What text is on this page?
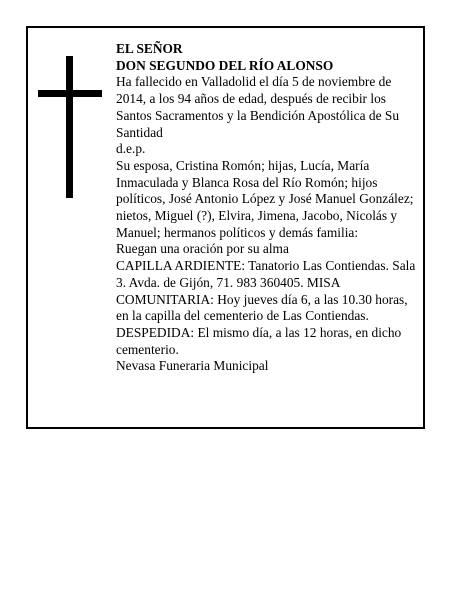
EL SEÑOR

DON SEGUNDO DEL RÍO ALONSO

Ha fallecido en Valladolid el día 5 de noviembre de 2014, a los 94 años de edad, después de recibir los Santos Sacramentos y la Bendición Apostólica de Su Santidad

d.e.p.

Su esposa, Cristina Romón; hijas, Lucía, María Inmaculada y Blanca Rosa del Río Romón; hijos políticos, José Antonio López y José Manuel González; nietos, Miguel (?), Elvira, Jimena, Jacobo, Nicolás y Manuel; hermanos políticos y demás familia:

Ruegan una oración por su alma

CAPILLA ARDIENTE: Tanatorio Las Contiendas. Sala 3. Avda. de Gijón, 71. 983 360405. MISA COMUNITARIA: Hoy jueves día 6, a las 10.30 horas, en la capilla del cementerio de Las Contiendas.

DESPEDIDA: El mismo día, a las 12 horas, en dicho cementerio.

Nevasa Funeraria Municipal
